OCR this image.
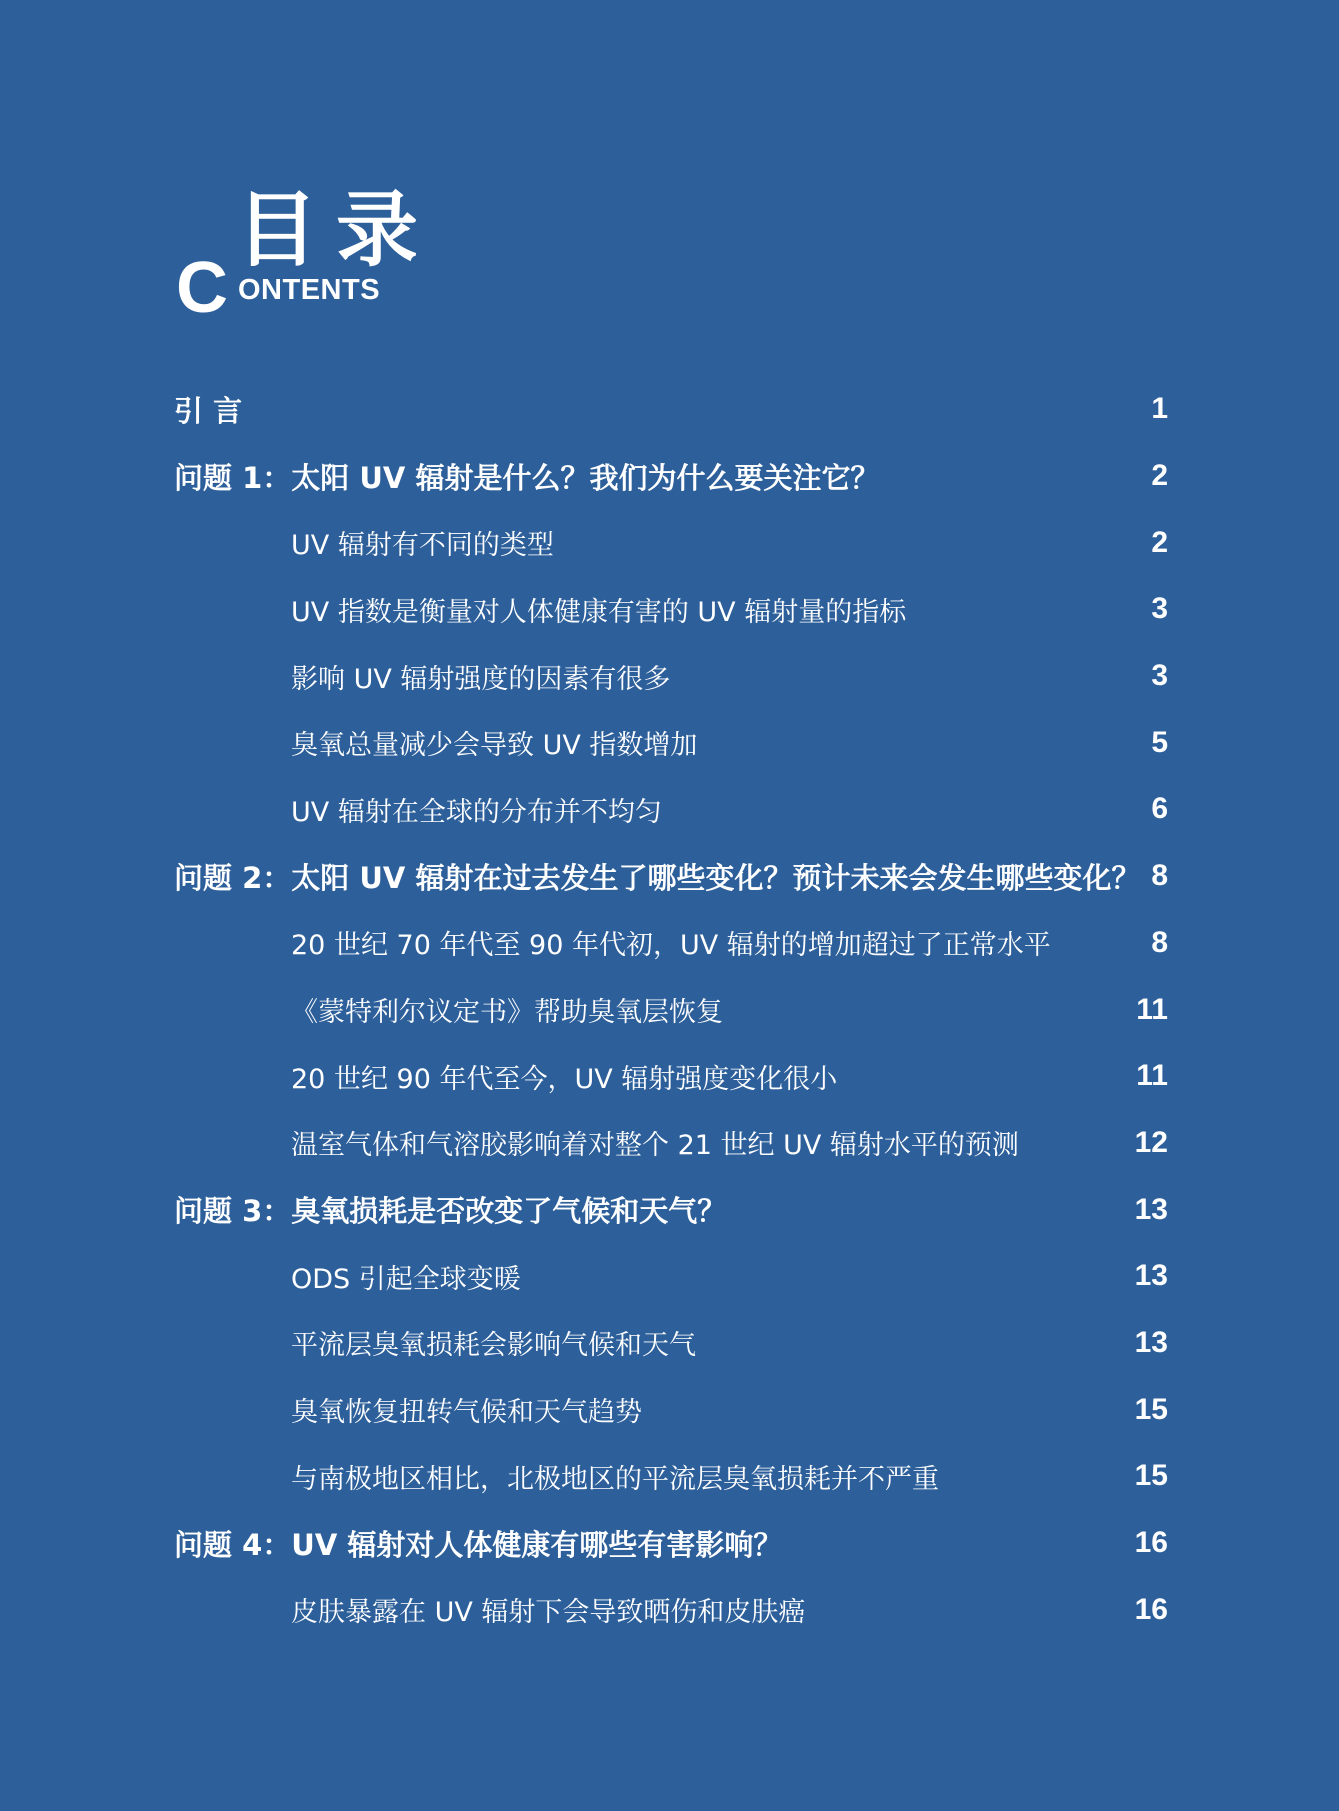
目录
C ONTENTS
引 言	1
问题 1：太阳 UV 辐射是什么？我们为什么要关注它？	2
UV 辐射有不同的类型	2
UV 指数是衡量对人体健康有害的 UV 辐射量的指标	3
影响 UV 辐射强度的因素有很多	3
臭氧总量减少会导致 UV 指数增加	5
UV 辐射在全球的分布并不均匀	6
问题 2：太阳 UV 辐射在过去发生了哪些变化？预计未来会发生哪些变化？ 8
20 世纪 70 年代至 90 年代初，UV 辐射的增加超过了正常水平	8
《蒙特利尔议定书》帮助臭氧层恢复	11
20 世纪 90 年代至今，UV 辐射强度变化很小	11
温室气体和气溶胶影响着对整个 21 世纪 UV 辐射水平的预测	12
问题 3：臭氧损耗是否改变了气候和天气？	13
ODS 引起全球变暖	13
平流层臭氧损耗会影响气候和天气	13
臭氧恢复扭转气候和天气趋势	15
与南极地区相比，北极地区的平流层臭氧损耗并不严重	15
问题 4：UV 辐射对人体健康有哪些有害影响？	16
皮肤暴露在 UV 辐射下会导致晒伤和皮肤癌	16
